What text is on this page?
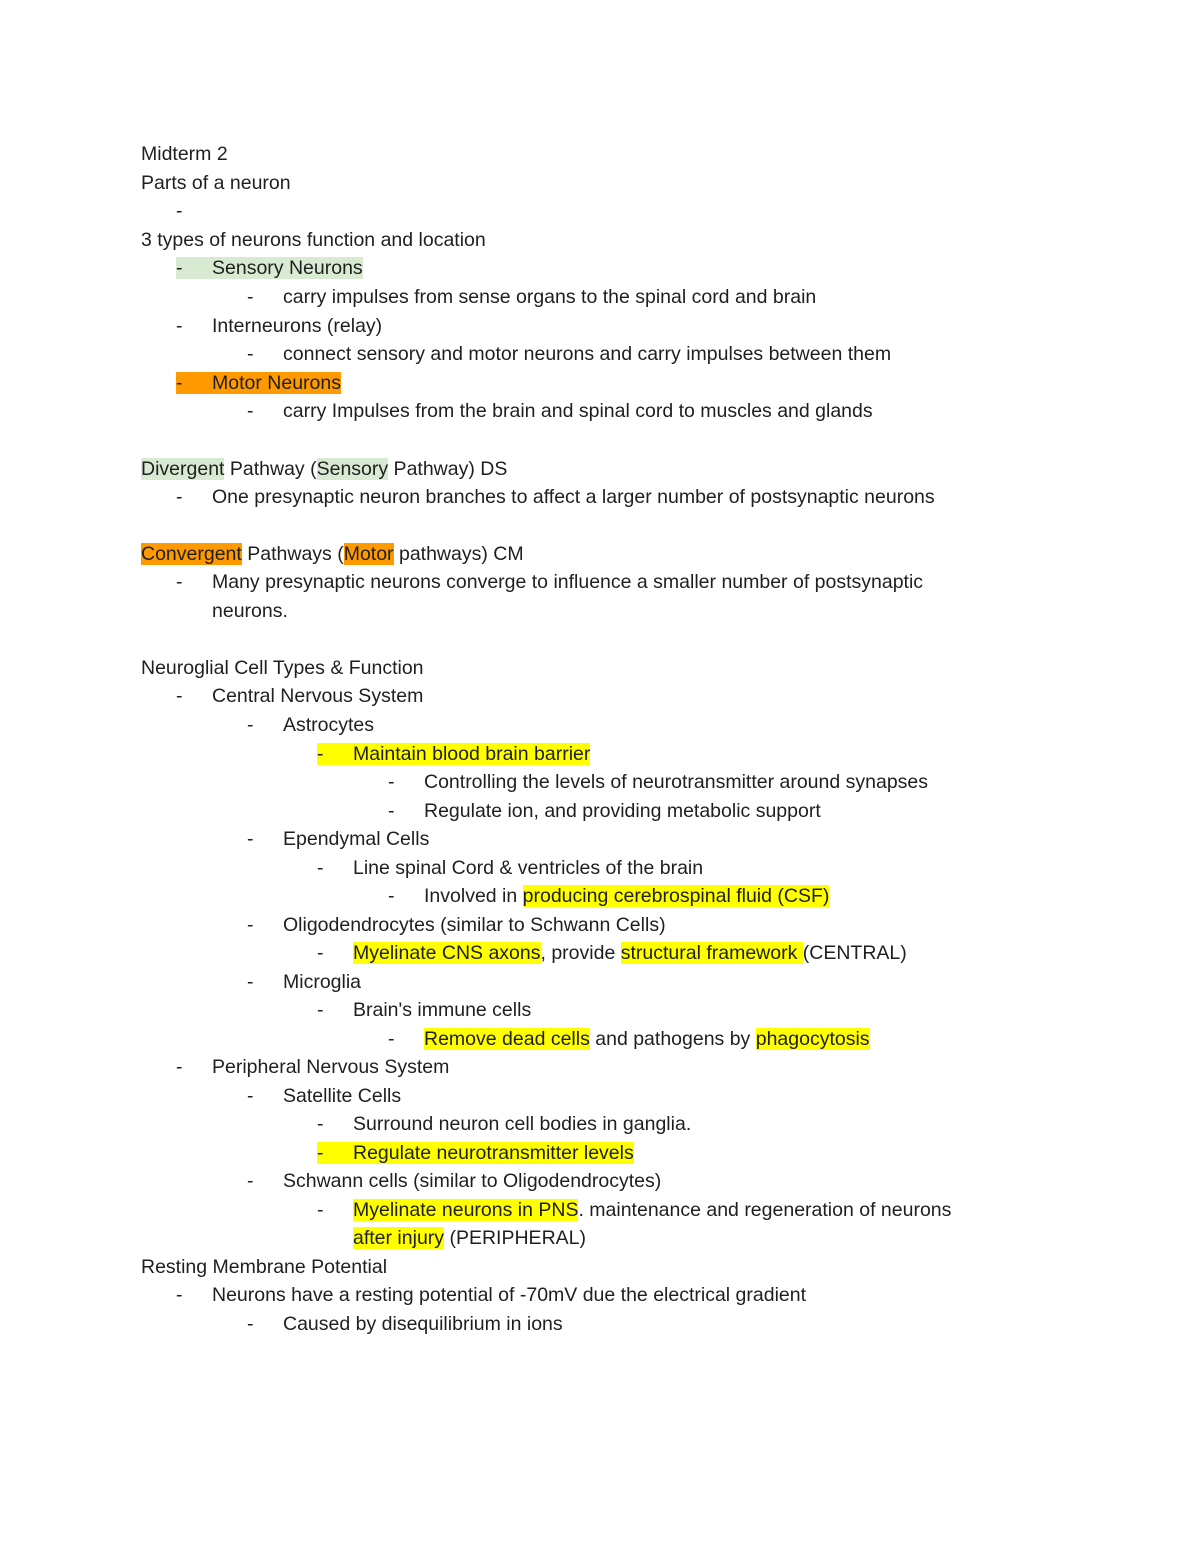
Midterm 2
Parts of a neuron
-
3 types of neurons function and location
- Sensory Neurons
- carry impulses from sense organs to the spinal cord and brain
- Interneurons (relay)
- connect sensory and motor neurons and carry impulses between them
- Motor Neurons
- carry Impulses from the brain and spinal cord to muscles and glands
Divergent Pathway (Sensory Pathway) DS
- One presynaptic neuron branches to affect a larger number of postsynaptic neurons
Convergent Pathways (Motor pathways) CM
- Many presynaptic neurons converge to influence a smaller number of postsynaptic
neurons.
Neuroglial Cell Types & Function
- Central Nervous System
- Astrocytes
- Maintain blood brain barrier
- Controlling the levels of neurotransmitter around synapses
- Regulate ion, and providing metabolic support
- Ependymal Cells
- Line spinal Cord & ventricles of the brain
- Involved in producing cerebrospinal fluid (CSF)
- Oligodendrocytes (similar to Schwann Cells)
- Myelinate CNS axons, provide structural framework (CENTRAL)
- Microglia
- Brain's immune cells
- Remove dead cells and pathogens by phagocytosis
- Peripheral Nervous System
- Satellite Cells
- Surround neuron cell bodies in ganglia.
- Regulate neurotransmitter levels
- Schwann cells (similar to Oligodendrocytes)
- Myelinate neurons in PNS. maintenance and regeneration of neurons
after injury (PERIPHERAL)
Resting Membrane Potential
- Neurons have a resting potential of -70mV due the electrical gradient
- Caused by disequilibrium in ions
